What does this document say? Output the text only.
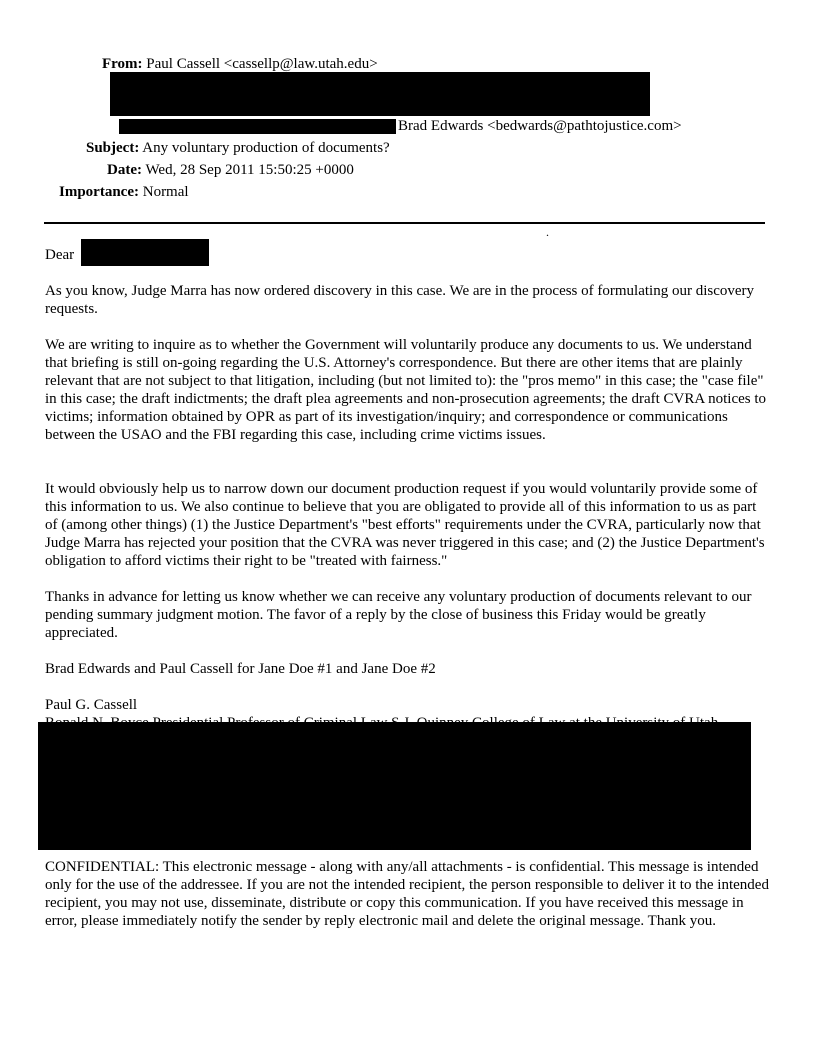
From: Paul Cassell <cassellp@law.utah.edu>
Brad Edwards <bedwards@pathtojustice.com>
Subject: Any voluntary production of documents?
Date: Wed, 28 Sep 2011 15:50:25 +0000
Importance: Normal
.
Dear

As you know, Judge Marra has now ordered discovery in this case. We are in the process of formulating our discovery requests.

We are writing to inquire as to whether the Government will voluntarily produce any documents to us. We understand that briefing is still on-going regarding the U.S. Attorney's correspondence. But there are other items that are plainly relevant that are not subject to that litigation, including (but not limited to): the "pros memo" in this case; the "case file" in this case; the draft indictments; the draft plea agreements and non-prosecution agreements; the draft CVRA notices to victims; information obtained by OPR as part of its investigation/inquiry; and correspondence or communications between the USAO and the FBI regarding this case, including crime victims issues.

It would obviously help us to narrow down our document production request if you would voluntarily provide some of this information to us. We also continue to believe that you are obligated to provide all of this information to us as part of (among other things) (1) the Justice Department's "best efforts" requirements under the CVRA, particularly now that Judge Marra has rejected your position that the CVRA was never triggered in this case; and (2) the Justice Department's obligation to afford victims their right to be "treated with fairness."

Thanks in advance for letting us know whether we can receive any voluntary production of documents relevant to our pending summary judgment motion. The favor of a reply by the close of business this Friday would be greatly appreciated.

Brad Edwards and Paul Cassell for Jane Doe #1 and Jane Doe #2
Paul G. Cassell

CONFIDENTIAL: This electronic message - along with any/all attachments - is confidential. This message is intended only for the use of the addressee. If you are not the intended recipient, the person responsible to deliver it to the intended recipient, you may not use, disseminate, distribute or copy this communication. If you have received this message in error, please immediately notify the sender by reply electronic mail and delete the original message. Thank you.
